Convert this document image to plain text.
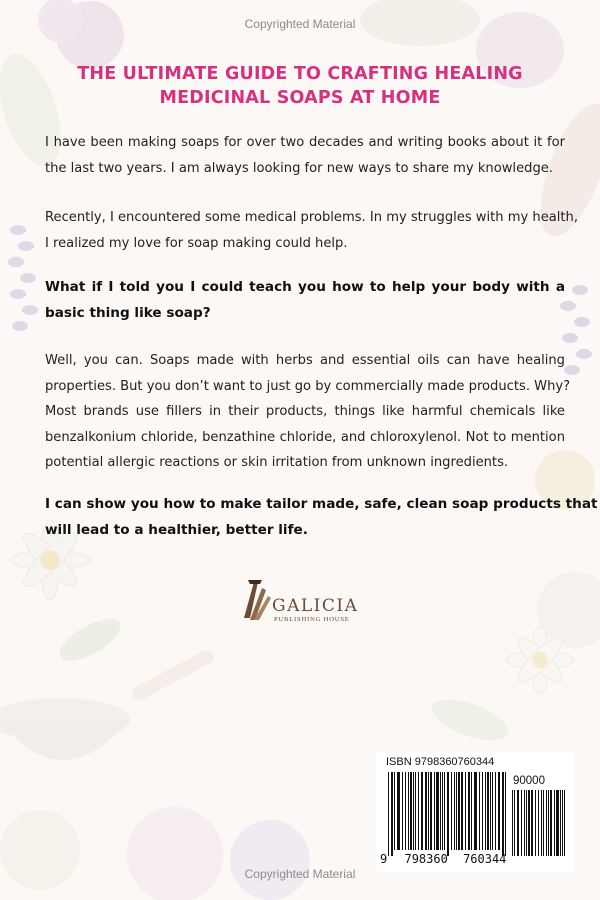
Copyrighted Material
THE ULTIMATE GUIDE TO CRAFTING HEALING
MEDICINAL SOAPS AT HOME
I have been making soaps for over two decades and writing books about it for
the last two years. I am always looking for new ways to share my knowledge.
Recently, I encountered some medical problems. In my struggles with my health,
I realized my love for soap making could help.
What if I told you I could teach you how to help your body with a
basic thing like soap?
Well, you can. Soaps made with herbs and essential oils can have healing
properties. But you don’t want to just go by commercially made products. Why?
Most brands use fillers in their products, things like harmful chemicals like
benzalkonium chloride, benzathine chloride, and chloroxylenol. Not to mention
potential allergic reactions or skin irritation from unknown ingredients.
I can show you how to make tailor made, safe, clean soap products that
will lead to a healthier, better life.
GALICIA
PUBLISHING HOUSE
ISBN 9798360760344
90000
9 798360 760344
Copyrighted Material
